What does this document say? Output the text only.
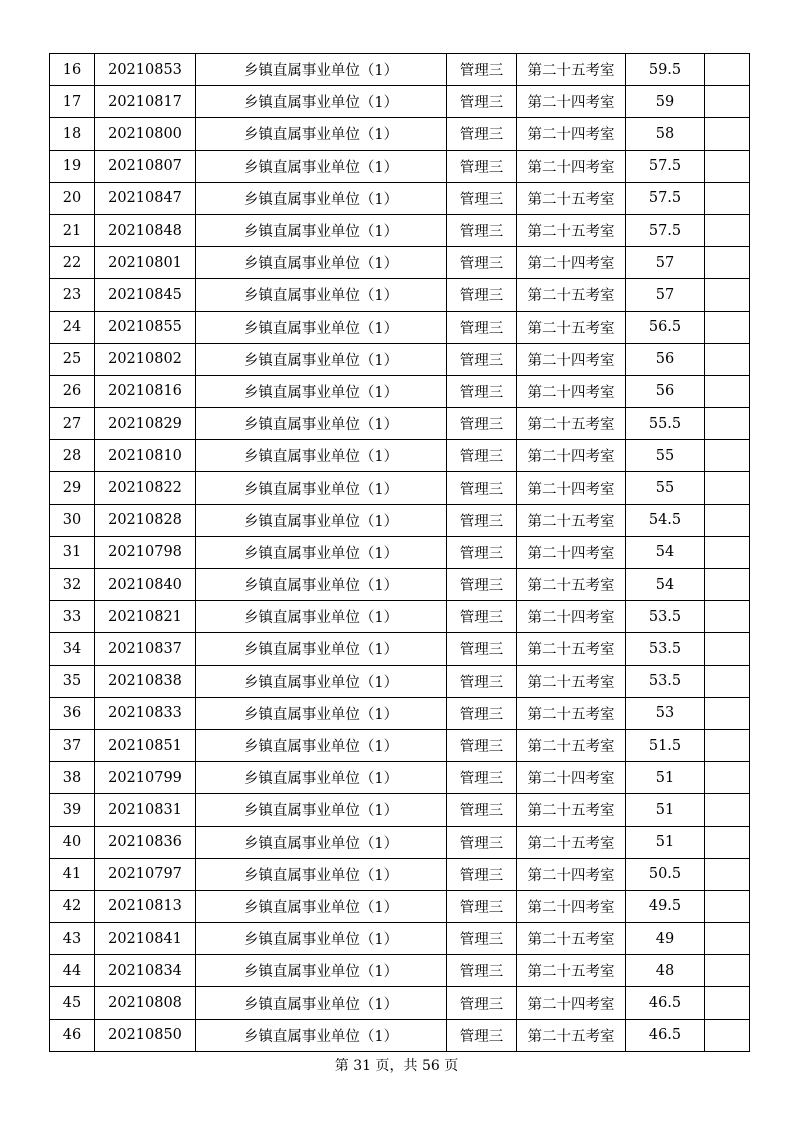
16	20210853	乡镇直属事业单位（1）	管理三	第二十五考室	59.5	
17	20210817	乡镇直属事业单位（1）	管理三	第二十四考室	59	
18	20210800	乡镇直属事业单位（1）	管理三	第二十四考室	58	
19	20210807	乡镇直属事业单位（1）	管理三	第二十四考室	57.5	
20	20210847	乡镇直属事业单位（1）	管理三	第二十五考室	57.5	
21	20210848	乡镇直属事业单位（1）	管理三	第二十五考室	57.5	
22	20210801	乡镇直属事业单位（1）	管理三	第二十四考室	57	
23	20210845	乡镇直属事业单位（1）	管理三	第二十五考室	57	
24	20210855	乡镇直属事业单位（1）	管理三	第二十五考室	56.5	
25	20210802	乡镇直属事业单位（1）	管理三	第二十四考室	56	
26	20210816	乡镇直属事业单位（1）	管理三	第二十四考室	56	
27	20210829	乡镇直属事业单位（1）	管理三	第二十五考室	55.5	
28	20210810	乡镇直属事业单位（1）	管理三	第二十四考室	55	
29	20210822	乡镇直属事业单位（1）	管理三	第二十四考室	55	
30	20210828	乡镇直属事业单位（1）	管理三	第二十五考室	54.5	
31	20210798	乡镇直属事业单位（1）	管理三	第二十四考室	54	
32	20210840	乡镇直属事业单位（1）	管理三	第二十五考室	54	
33	20210821	乡镇直属事业单位（1）	管理三	第二十四考室	53.5	
34	20210837	乡镇直属事业单位（1）	管理三	第二十五考室	53.5	
35	20210838	乡镇直属事业单位（1）	管理三	第二十五考室	53.5	
36	20210833	乡镇直属事业单位（1）	管理三	第二十五考室	53	
37	20210851	乡镇直属事业单位（1）	管理三	第二十五考室	51.5	
38	20210799	乡镇直属事业单位（1）	管理三	第二十四考室	51	
39	20210831	乡镇直属事业单位（1）	管理三	第二十五考室	51	
40	20210836	乡镇直属事业单位（1）	管理三	第二十五考室	51	
41	20210797	乡镇直属事业单位（1）	管理三	第二十四考室	50.5	
42	20210813	乡镇直属事业单位（1）	管理三	第二十四考室	49.5	
43	20210841	乡镇直属事业单位（1）	管理三	第二十五考室	49	
44	20210834	乡镇直属事业单位（1）	管理三	第二十五考室	48	
45	20210808	乡镇直属事业单位（1）	管理三	第二十四考室	46.5	
46	20210850	乡镇直属事业单位（1）	管理三	第二十五考室	46.5	
第 31 页，共 56 页
